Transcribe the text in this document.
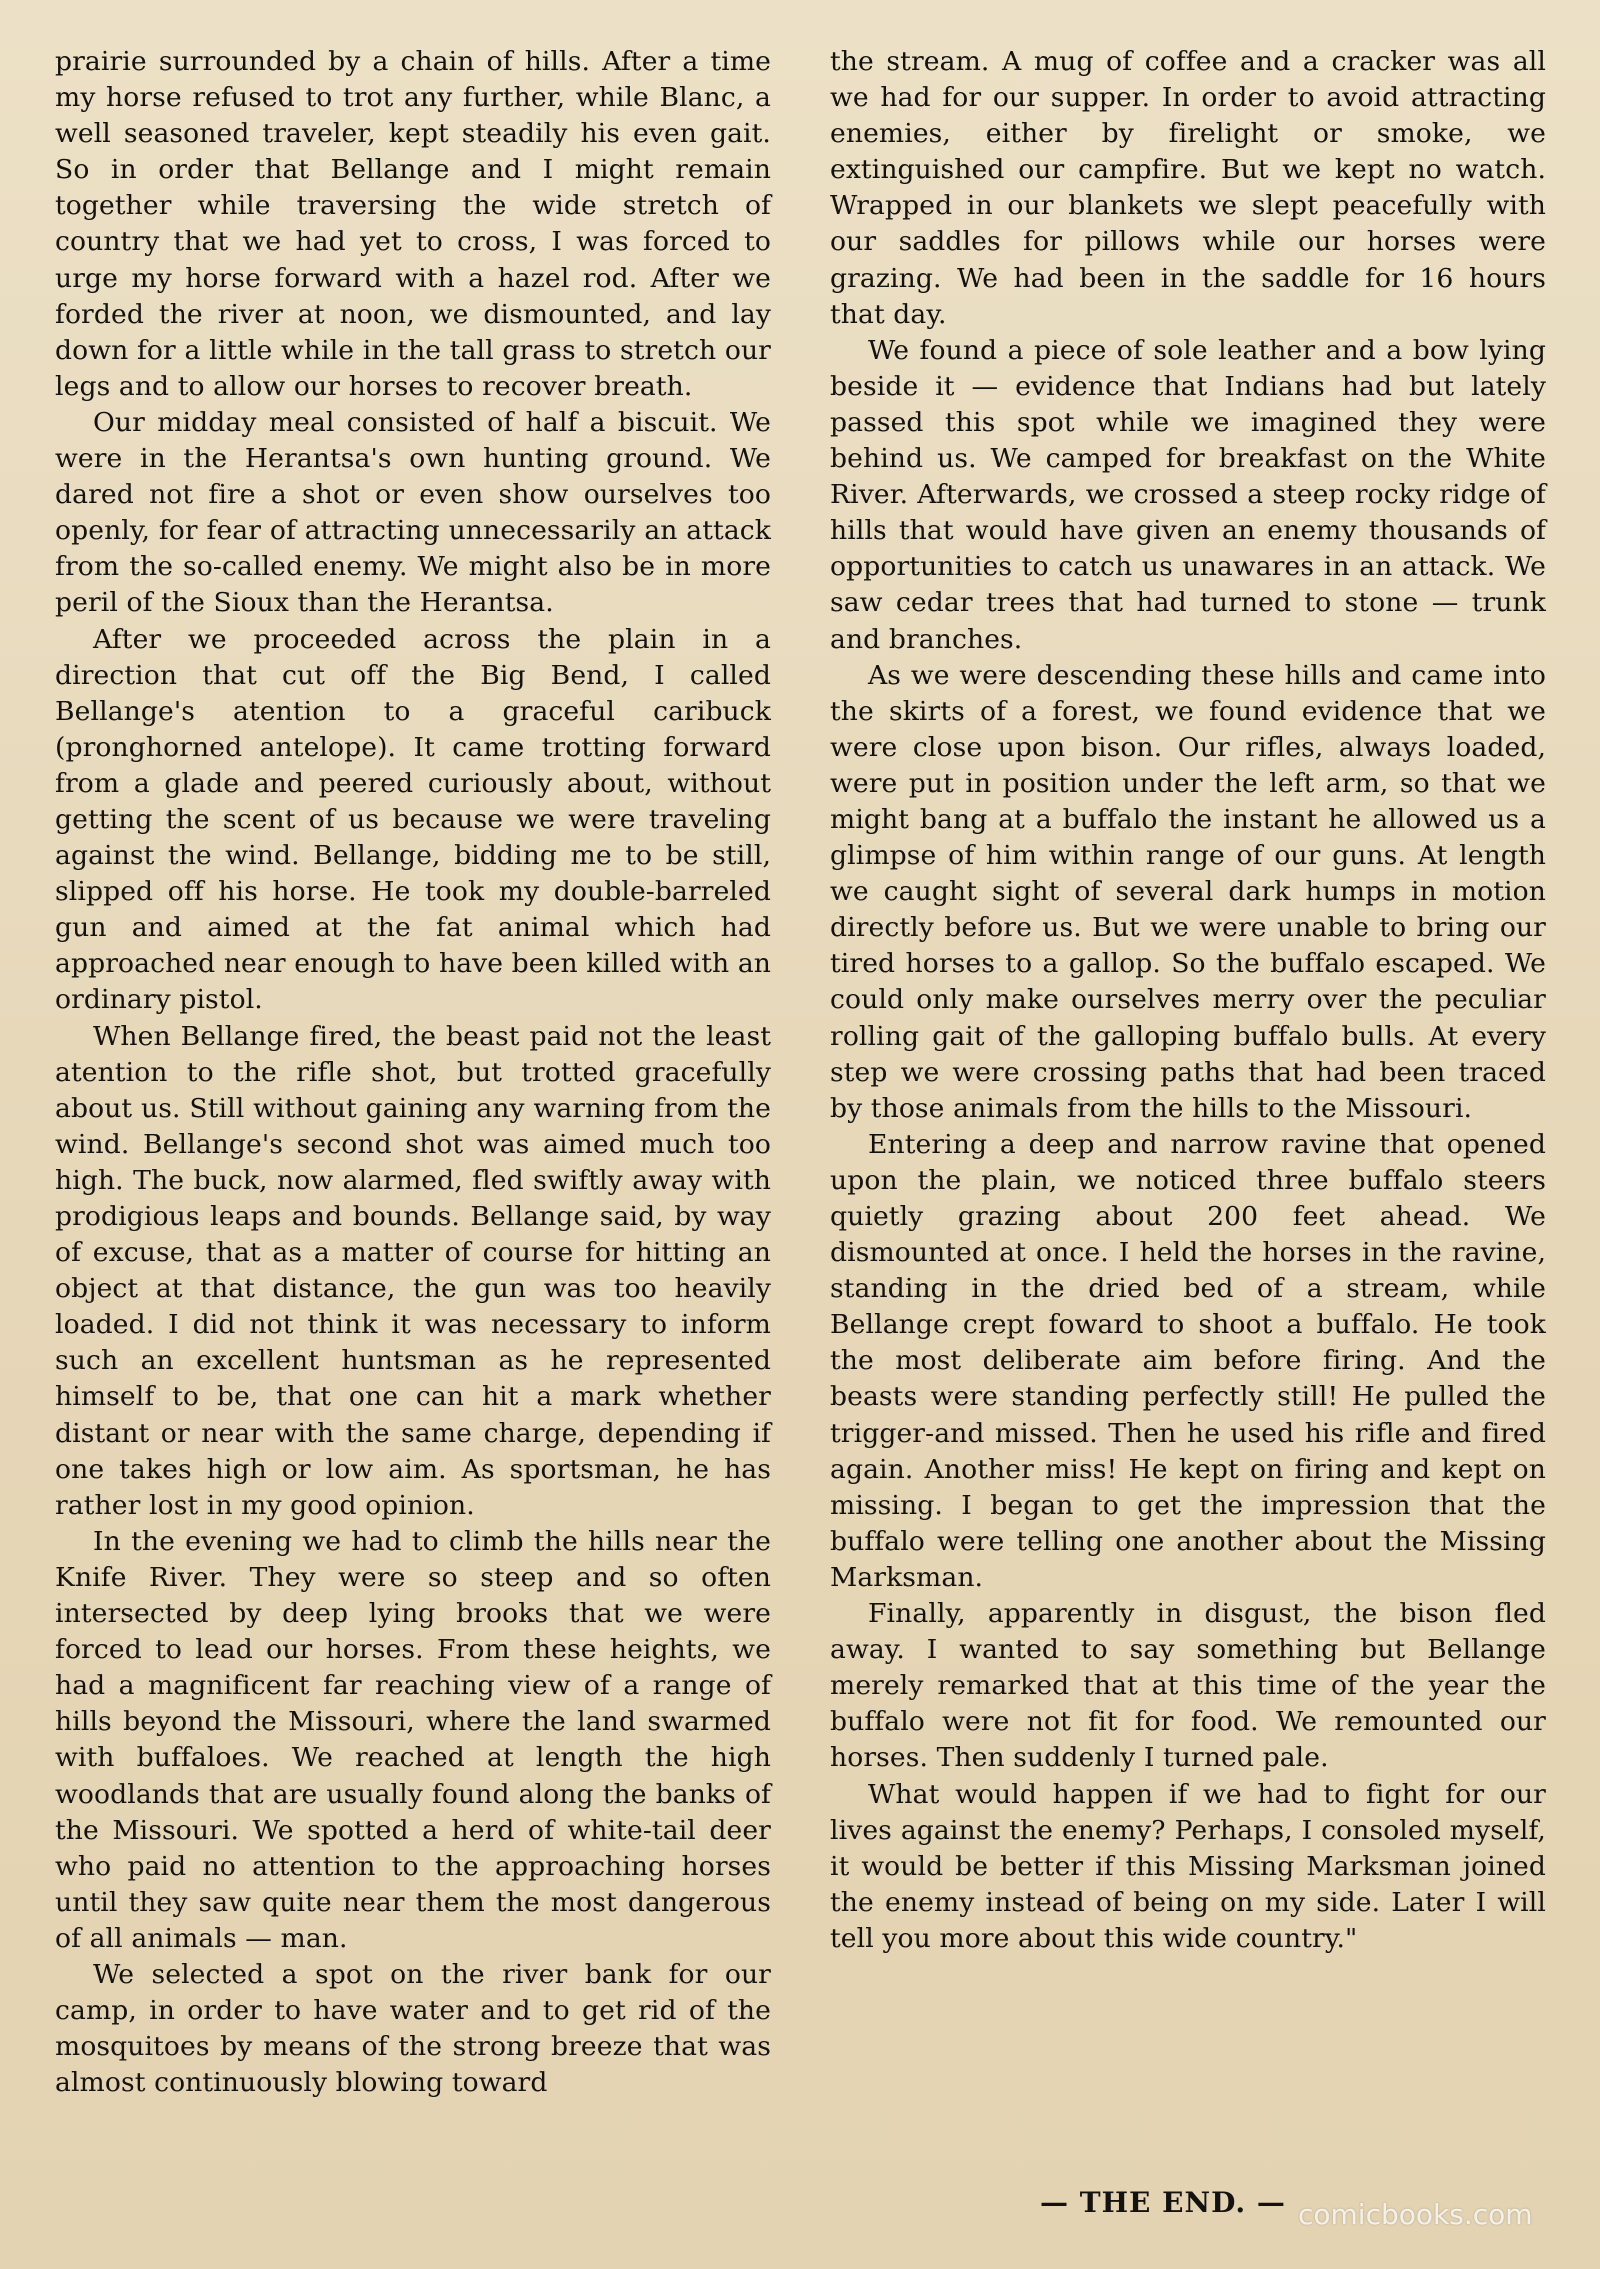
prairie surrounded by a chain of hills. After a time my horse refused to trot any further, while Blanc, a well seasoned traveler, kept steadily his even gait. So in order that Bellange and I might remain together while traversing the wide stretch of country that we had yet to cross, I was forced to urge my horse forward with a hazel rod. After we forded the river at noon, we dismounted, and lay down for a little while in the tall grass to stretch our legs and to allow our horses to recover breath.

Our midday meal consisted of half a biscuit. We were in the Herantsa's own hunting ground. We dared not fire a shot or even show ourselves too openly, for fear of attracting unnecessarily an attack from the so-called enemy. We might also be in more peril of the Sioux than the Herantsa.

After we proceeded across the plain in a direction that cut off the Big Bend, I called Bellange's atention to a graceful caribuck (pronghorned antelope). It came trotting forward from a glade and peered curiously about, without getting the scent of us because we were traveling against the wind. Bellange, bidding me to be still, slipped off his horse. He took my double-barreled gun and aimed at the fat animal which had approached near enough to have been killed with an ordinary pistol.

When Bellange fired, the beast paid not the least atention to the rifle shot, but trotted gracefully about us. Still without gaining any warning from the wind. Bellange's second shot was aimed much too high. The buck, now alarmed, fled swiftly away with prodigious leaps and bounds. Bellange said, by way of excuse, that as a matter of course for hitting an object at that distance, the gun was too heavily loaded. I did not think it was necessary to inform such an excellent huntsman as he represented himself to be, that one can hit a mark whether distant or near with the same charge, depending if one takes high or low aim. As sportsman, he has rather lost in my good opinion.

In the evening we had to climb the hills near the Knife River. They were so steep and so often intersected by deep lying brooks that we were forced to lead our horses. From these heights, we had a magnificent far reaching view of a range of hills beyond the Missouri, where the land swarmed with buffaloes. We reached at length the high woodlands that are usually found along the banks of the Missouri. We spotted a herd of white-tail deer who paid no attention to the approaching horses until they saw quite near them the most dangerous of all animals — man.

We selected a spot on the river bank for our camp, in order to have water and to get rid of the mosquitoes by means of the strong breeze that was almost continuously blowing toward

the stream. A mug of coffee and a cracker was all we had for our supper. In order to avoid attracting enemies, either by firelight or smoke, we extinguished our campfire. But we kept no watch. Wrapped in our blankets we slept peacefully with our saddles for pillows while our horses were grazing. We had been in the saddle for 16 hours that day.

We found a piece of sole leather and a bow lying beside it — evidence that Indians had but lately passed this spot while we imagined they were behind us. We camped for breakfast on the White River. Afterwards, we crossed a steep rocky ridge of hills that would have given an enemy thousands of opportunities to catch us unawares in an attack. We saw cedar trees that had turned to stone — trunk and branches.

As we were descending these hills and came into the skirts of a forest, we found evidence that we were close upon bison. Our rifles, always loaded, were put in position under the left arm, so that we might bang at a buffalo the instant he allowed us a glimpse of him within range of our guns. At length we caught sight of several dark humps in motion directly before us. But we were unable to bring our tired horses to a gallop. So the buffalo escaped. We could only make ourselves merry over the peculiar rolling gait of the galloping buffalo bulls. At every step we were crossing paths that had been traced by those animals from the hills to the Missouri.

Entering a deep and narrow ravine that opened upon the plain, we noticed three buffalo steers quietly grazing about 200 feet ahead. We dismounted at once. I held the horses in the ravine, standing in the dried bed of a stream, while Bellange crept foward to shoot a buffalo. He took the most deliberate aim before firing. And the beasts were standing perfectly still! He pulled the trigger-and missed. Then he used his rifle and fired again. Another miss! He kept on firing and kept on missing. I began to get the impression that the buffalo were telling one another about the Missing Marksman.

Finally, apparently in disgust, the bison fled away. I wanted to say something but Bellange merely remarked that at this time of the year the buffalo were not fit for food. We remounted our horses. Then suddenly I turned pale.

What would happen if we had to fight for our lives against the enemy? Perhaps, I consoled myself, it would be better if this Missing Marksman joined the enemy instead of being on my side. Later I will tell you more about this wide country."

— THE END. — comicbooks.com
